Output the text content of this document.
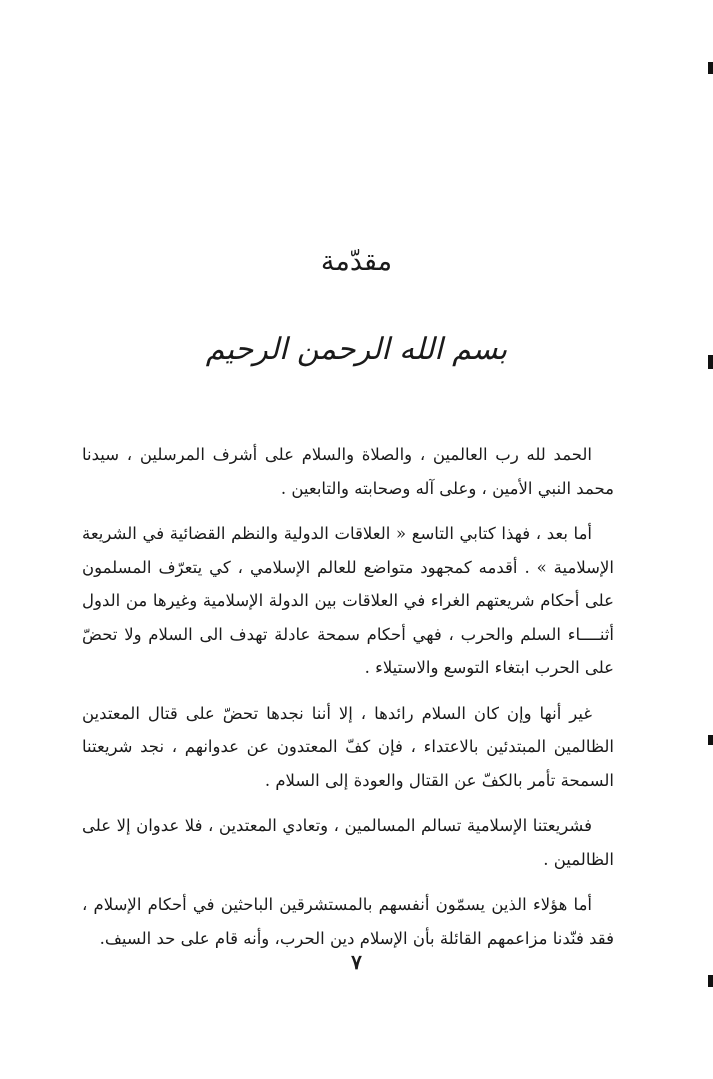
مقدّمة
بسم الله الرحمن الرحيم

الحمد لله رب العالمين ، والصلاة والسلام على أشرف المرسلين ، سيدنا محمد النبي الأمين ، وعلى آله وصحابته والتابعين .

أما بعد ، فهذا كتابي التاسع « العلاقات الدولية والنظم القضائية في الشريعة الإسلامية » . أقدمه كمجهود متواضع للعالم الإسلامي ، كي يتعرّف المسلمون على أحكام شريعتهم الغراء في العلاقات بين الدولة الإسلامية وغيرها من الدول أثنــــاء السلم والحرب ، فهي أحكام سمحة عادلة تهدف الى السلام ولا تحضّ على الحرب ابتغاء التوسع والاستيلاء .

غير أنها وإن كان السلام رائدها ، إلا أننا نجدها تحضّ على قتال المعتدين الظالمين المبتدئين بالاعتداء ، فإن كفّ المعتدون عن عدوانهم ، نجد شريعتنا السمحة تأمر بالكفّ عن القتال والعودة إلى السلام .

فشريعتنا الإسلامية تسالم المسالمين ، وتعادي المعتدين ، فلا عدوان إلا على الظالمين .

أما هؤلاء الذين يسمّون أنفسهم بالمستشرقين الباحثين في أحكام الإسلام ، فقد فنّدنا مزاعمهم القائلة بأن الإسلام دين الحرب، وأنه قام على حد السيف.

٧
